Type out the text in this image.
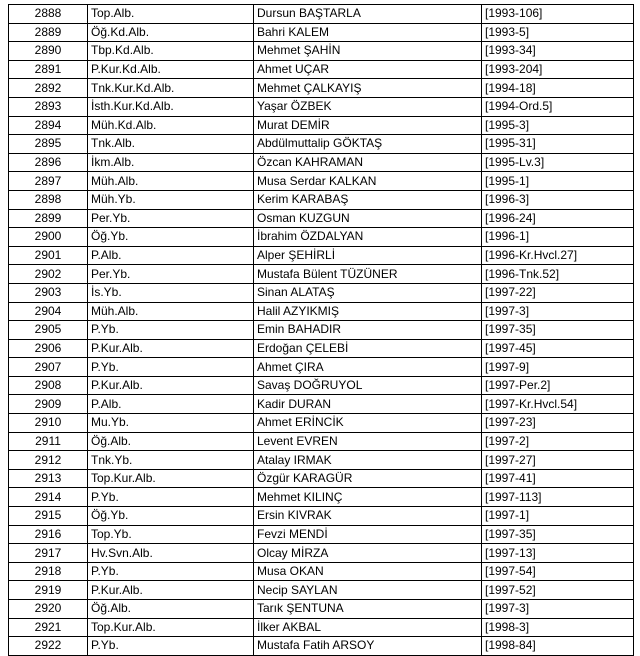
2888	Top.Alb.	Dursun BAŞTARLA	[1993-106]
2889	Öğ.Kd.Alb.	Bahri KALEM	[1993-5]
2890	Tbp.Kd.Alb.	Mehmet ŞAHİN	[1993-34]
2891	P.Kur.Kd.Alb.	Ahmet UÇAR	[1993-204]
2892	Tnk.Kur.Kd.Alb.	Mehmet ÇALKAYIŞ	[1994-18]
2893	İsth.Kur.Kd.Alb.	Yaşar ÖZBEK	[1994-Ord.5]
2894	Müh.Kd.Alb.	Murat DEMİR	[1995-3]
2895	Tnk.Alb.	Abdülmuttalip GÖKTAŞ	[1995-31]
2896	İkm.Alb.	Özcan KAHRAMAN	[1995-Lv.3]
2897	Müh.Alb.	Musa Serdar KALKAN	[1995-1]
2898	Müh.Yb.	Kerim KARABAŞ	[1996-3]
2899	Per.Yb.	Osman KUZGUN	[1996-24]
2900	Öğ.Yb.	İbrahim ÖZDALYAN	[1996-1]
2901	P.Alb.	Alper ŞEHİRLİ	[1996-Kr.Hvcl.27]
2902	Per.Yb.	Mustafa Bülent TÜZÜNER	[1996-Tnk.52]
2903	İs.Yb.	Sinan ALATAŞ	[1997-22]
2904	Müh.Alb.	Halil AZYIKMIŞ	[1997-3]
2905	P.Yb.	Emin BAHADIR	[1997-35]
2906	P.Kur.Alb.	Erdoğan ÇELEBİ	[1997-45]
2907	P.Yb.	Ahmet ÇIRA	[1997-9]
2908	P.Kur.Alb.	Savaş DOĞRUYOL	[1997-Per.2]
2909	P.Alb.	Kadir DURAN	[1997-Kr.Hvcl.54]
2910	Mu.Yb.	Ahmet ERİNCİK	[1997-23]
2911	Öğ.Alb.	Levent EVREN	[1997-2]
2912	Tnk.Yb.	Atalay IRMAK	[1997-27]
2913	Top.Kur.Alb.	Özgür KARAGÜR	[1997-41]
2914	P.Yb.	Mehmet KILINÇ	[1997-113]
2915	Öğ.Yb.	Ersin KIVRAK	[1997-1]
2916	Top.Yb.	Fevzi MENDİ	[1997-35]
2917	Hv.Svn.Alb.	Olcay MİRZA	[1997-13]
2918	P.Yb.	Musa OKAN	[1997-54]
2919	P.Kur.Alb.	Necip SAYLAN	[1997-52]
2920	Öğ.Alb.	Tarık ŞENTUNA	[1997-3]
2921	Top.Kur.Alb.	İlker AKBAL	[1998-3]
2922	P.Yb.	Mustafa Fatih ARSOY	[1998-84]
